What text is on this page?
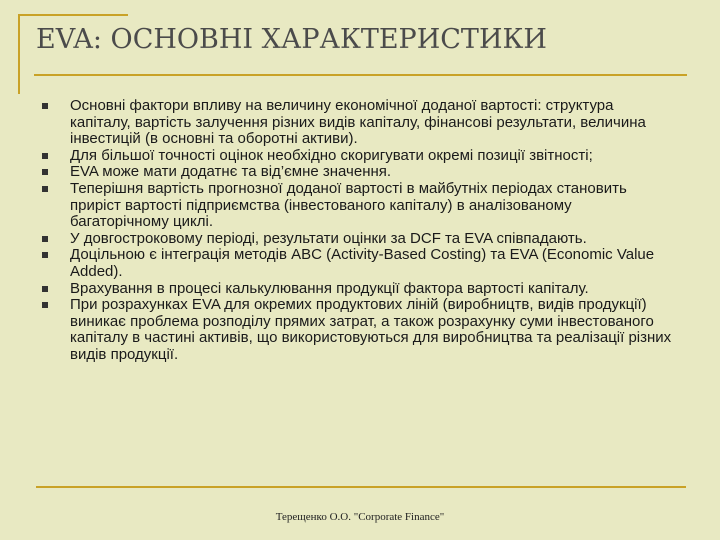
EVA: ОСНОВНІ ХАРАКТЕРИСТИКИ
Основні фактори впливу на величину економічної доданої вартості: структура капіталу, вартість залучення різних видів капіталу, фінансові результати, величина інвестицій (в основні та оборотні активи).
Для більшої точності оцінок необхідно скоригувати окремі позиції звітності;
EVA може мати додатнє та від’ємне значення.
Теперішня вартість прогнозної доданої вартості в майбутніх періодах становить приріст вартості підприємства (інвестованого капіталу) в аналізованому багаторічному циклі.
У довгостроковому періоді, результати оцінки за DCF та EVA співпадають.
Доцільною є інтеграція методів ABC (Activity-Based Costing) та EVA (Economic Value Added).
Врахування в процесі калькулювання продукції фактора вартості капіталу.
При розрахунках EVA для окремих продуктових ліній (виробництв, видів продукції) виникає проблема розподілу прямих затрат, а також розрахунку суми інвестованого капіталу в частині активів, що використовуються для виробництва та реалізації різних видів продукції.
Терещенко О.О. "Corporate Finance"
